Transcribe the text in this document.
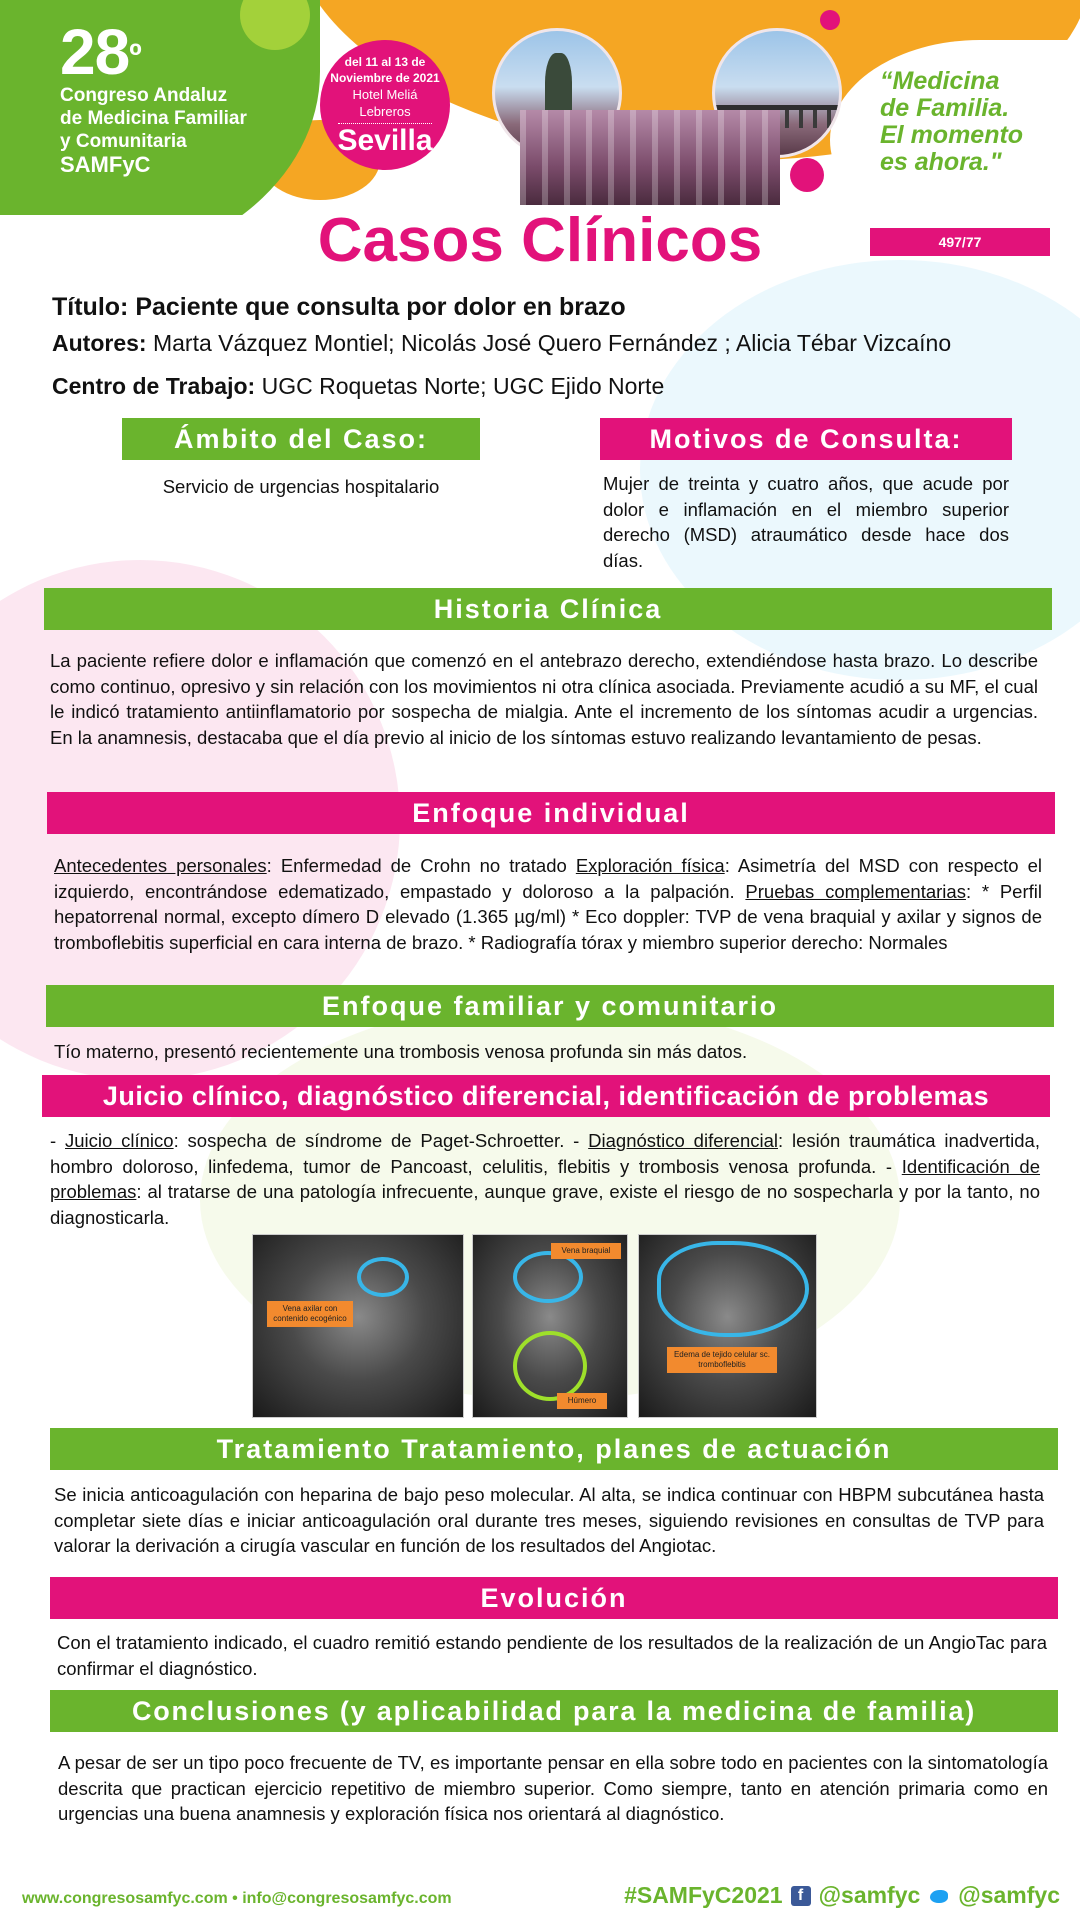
$28^º$
Congreso Andaluz
de Medicina Familiar
y Comunitaria
SAMFyC
del 11 al 13 de
Noviembre de 2021
Hotel Meliá Lebreros
Sevilla
“Medicina
de Familia.
El momento
es ahora."
Casos Clínicos	497/77
Título: Paciente que consulta por dolor en brazo
Autores: Marta Vázquez Montiel; Nicolás José Quero Fernández ; Alicia Tébar Vizcaíno
Centro de Trabajo: UGC Roquetas Norte; UGC Ejido Norte
Ámbito del Caso:
Servicio de urgencias hospitalario
Motivos de Consulta:
Mujer de treinta y cuatro años, que acude por dolor e inflamación en el miembro superior derecho (MSD) atraumático desde hace dos días.
Historia Clínica
La paciente refiere dolor e inflamación que comenzó en el antebrazo derecho, extendiéndose hasta brazo. Lo describe como continuo, opresivo y sin relación con los movimientos ni otra clínica asociada. Previamente acudió a su MF, el cual le indicó tratamiento antiinflamatorio por sospecha de mialgia. Ante el incremento de los síntomas acudir a urgencias. En la anamnesis, destacaba que el día previo al inicio de los síntomas estuvo realizando levantamiento de pesas.
Enfoque individual
Antecedentes personales: Enfermedad de Crohn no tratado Exploración física: Asimetría del MSD con respecto el izquierdo, encontrándose edematizado, empastado y doloroso a la palpación. Pruebas complementarias: * Perfil hepatorrenal normal, excepto dímero D elevado (1.365 µg/ml) * Eco doppler: TVP de vena braquial y axilar y signos de tromboflebitis superficial en cara interna de brazo. * Radiografía tórax y miembro superior derecho: Normales
Enfoque familiar y comunitario
Tío materno, presentó recientemente una trombosis venosa profunda sin más datos.
Juicio clínico, diagnóstico diferencial, identificación de problemas
- Juicio clínico: sospecha de síndrome de Paget-Schroetter. - Diagnóstico diferencial: lesión traumática inadvertida, hombro doloroso, linfedema, tumor de Pancoast, celulitis, flebitis y trombosis venosa profunda. - Identificación de problemas: al tratarse de una patología infrecuente, aunque grave, existe el riesgo de no sospecharla y por la tanto, no diagnosticarla.
Vena axilar con contenido ecogénico
Vena braquial
Húmero
Edema de tejido celular sc. tromboflebitis
Tratamiento Tratamiento, planes de actuación
Se inicia anticoagulación con heparina de bajo peso molecular. Al alta, se indica continuar con HBPM subcutánea hasta completar siete días e iniciar anticoagulación oral durante tres meses, siguiendo revisiones en consultas de TVP para valorar la derivación a cirugía vascular en función de los resultados del Angiotac.
Evolución
Con el tratamiento indicado, el cuadro remitió estando pendiente de los resultados de la realización de un AngioTac para confirmar el diagnóstico.
Conclusiones (y aplicabilidad para la medicina de familia)
A pesar de ser un tipo poco frecuente de TV, es importante pensar en ella sobre todo en pacientes con la sintomatología descrita que practican ejercicio repetitivo de miembro superior. Como siempre, tanto en atención primaria como en urgencias una buena anamnesis y exploración física nos orientará al diagnóstico.
www.congresosamfyc.com • info@congresosamfyc.com	#SAMFyC2021 f @samfyc @samfyc
